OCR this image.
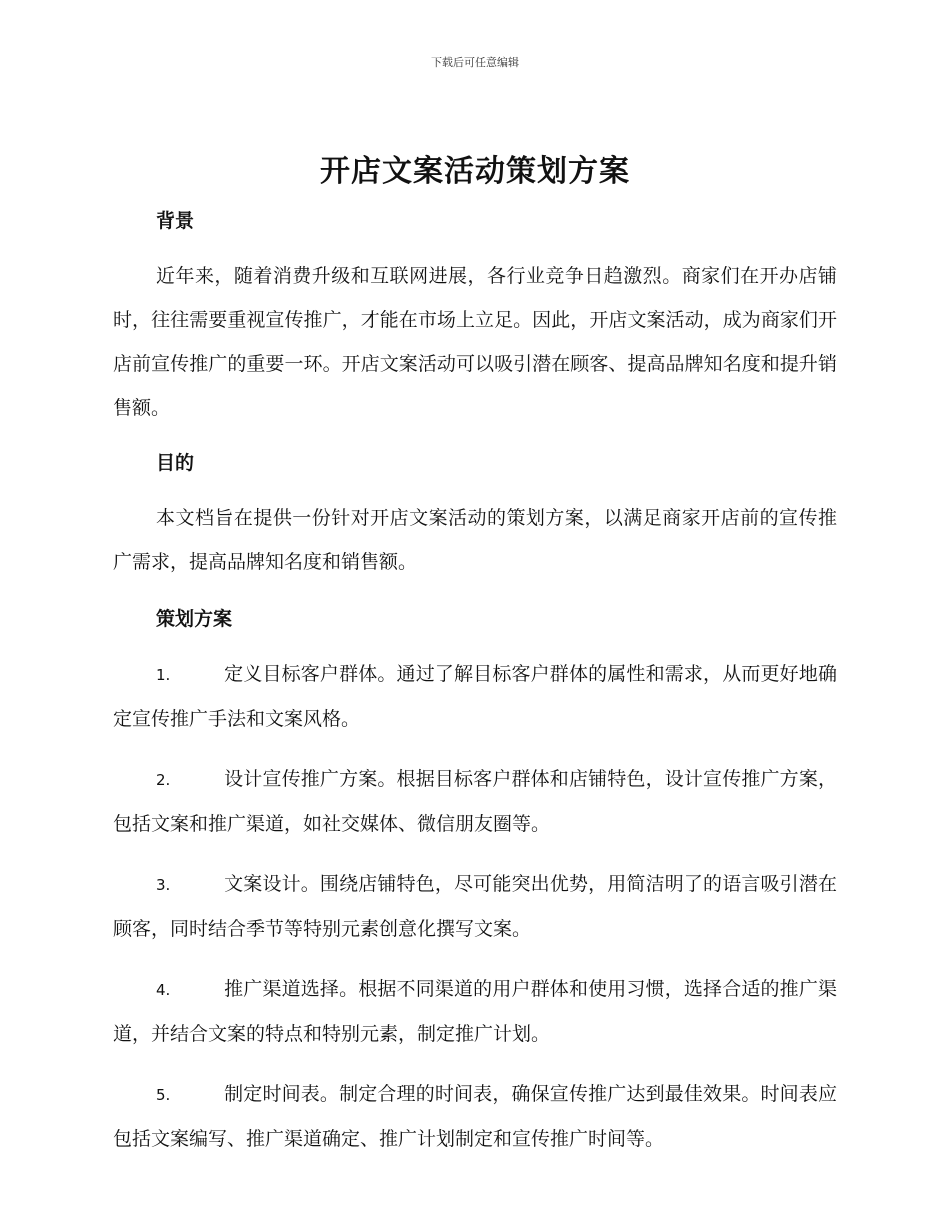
下载后可任意编辑
开店文案活动策划方案
背景
近年来，随着消费升级和互联网进展，各行业竞争日趋激烈。商家们在开办店铺时，往往需要重视宣传推广，才能在市场上立足。因此，开店文案活动，成为商家们开店前宣传推广的重要一环。开店文案活动可以吸引潜在顾客、提高品牌知名度和提升销售额。
目的
本文档旨在提供一份针对开店文案活动的策划方案，以满足商家开店前的宣传推广需求，提高品牌知名度和销售额。
策划方案
1.	定义目标客户群体。通过了解目标客户群体的属性和需求，从而更好地确定宣传推广手法和文案风格。
2.	设计宣传推广方案。根据目标客户群体和店铺特色，设计宣传推广方案，包括文案和推广渠道，如社交媒体、微信朋友圈等。
3.	文案设计。围绕店铺特色，尽可能突出优势，用简洁明了的语言吸引潜在顾客，同时结合季节等特别元素创意化撰写文案。
4.	推广渠道选择。根据不同渠道的用户群体和使用习惯，选择合适的推广渠道，并结合文案的特点和特别元素，制定推广计划。
5.	制定时间表。制定合理的时间表，确保宣传推广达到最佳效果。时间表应包括文案编写、推广渠道确定、推广计划制定和宣传推广时间等。
